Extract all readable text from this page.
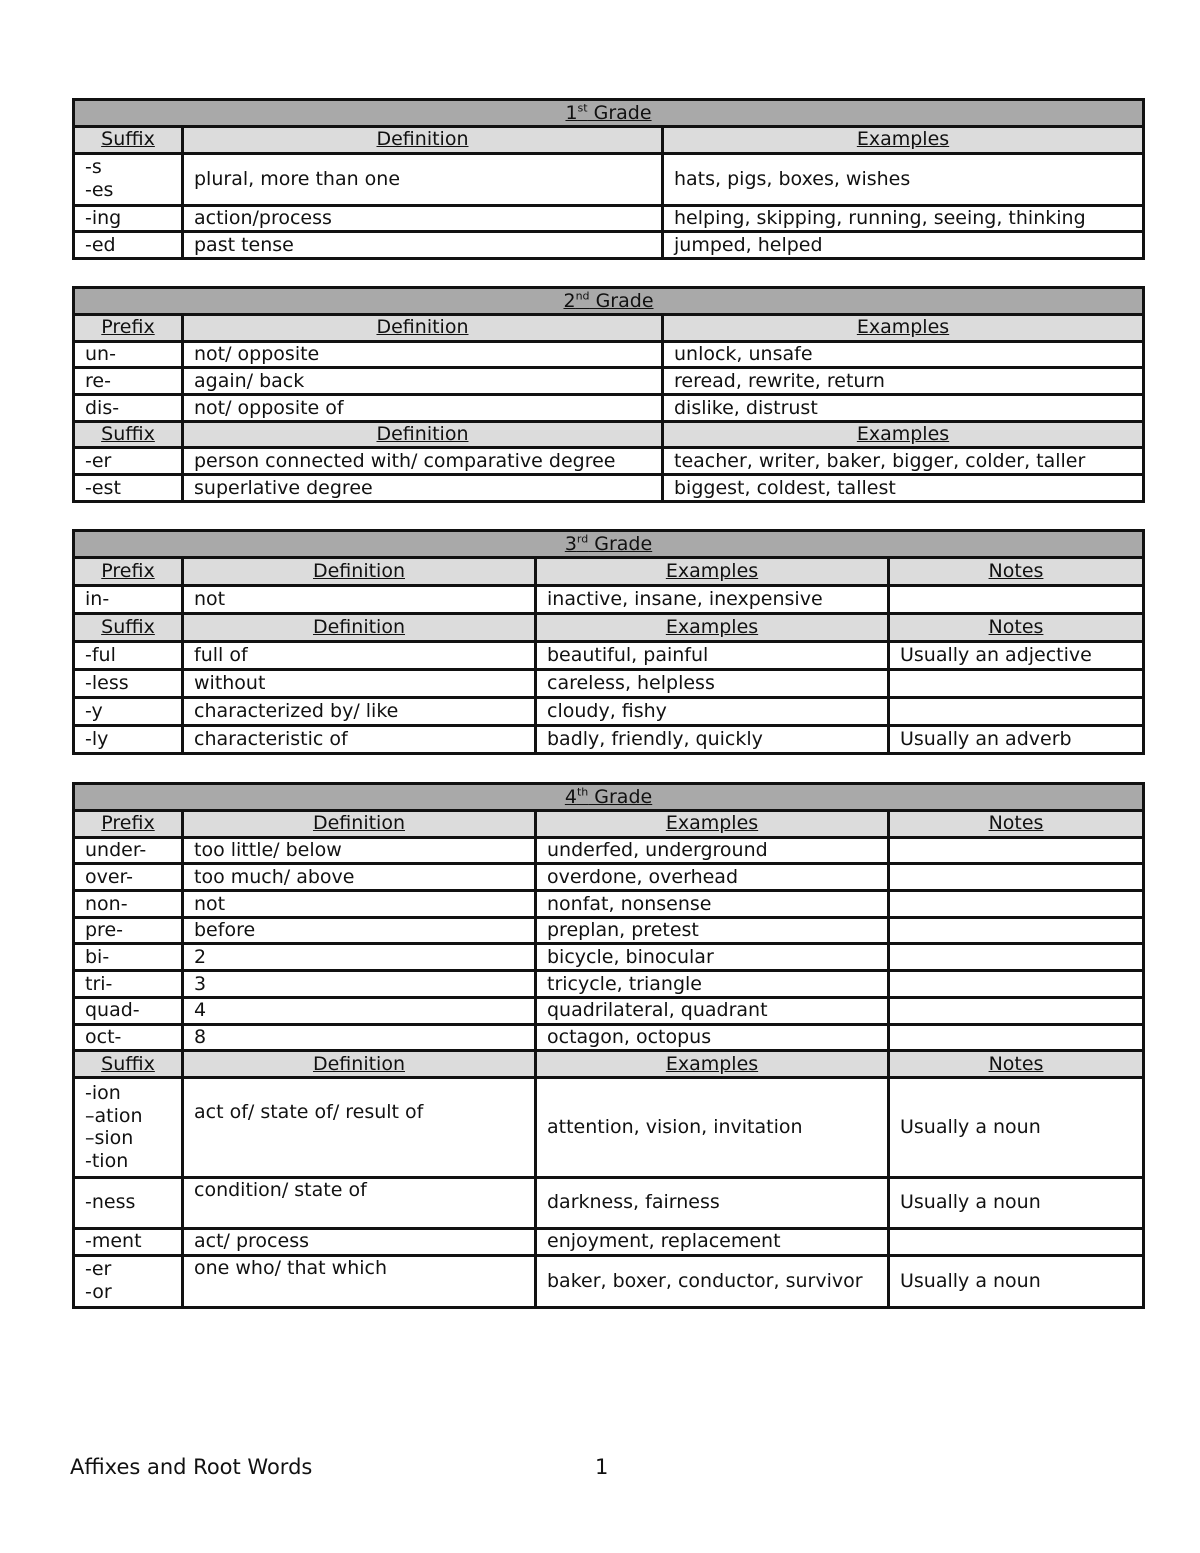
1st Grade		
Suffix	Definition	Examples

-s
-es	plural, more than one	hats, pigs, boxes, wishes
-ing	action/process	helping, skipping, running, seeing, thinking
-ed	past tense	jumped, helped
2nd Grade		
Prefix	Definition	Examples
un-	not/ opposite	unlock, unsafe
re-	again/ back	reread, rewrite, return
dis-	not/ opposite of	dislike, distrust
Suffix	Definition	Examples
-er	person connected with/ comparative degree	teacher, writer, baker, bigger, colder, taller
-est	superlative degree	biggest, coldest, tallest
3rd Grade			
Prefix	Definition	Examples	Notes
in-	not	inactive, insane, inexpensive	
Suffix	Definition	Examples	Notes
-ful	full of	beautiful, painful	Usually an adjective
-less	without	careless, helpless	
-y	characterized by/ like	cloudy, fishy	
-ly	characteristic of	badly, friendly, quickly	Usually an adverb
4th Grade			
Prefix	Definition	Examples	Notes
under-	too little/ below	underfed, underground	
over-	too much/ above	overdone, overhead	
non-	not	nonfat, nonsense	
pre-	before	preplan, pretest	
bi-	2	bicycle, binocular	
tri-	3	tricycle, triangle	
quad-	4	quadrilateral, quadrant	
oct-	8	octagon, octopus	
Suffix	Definition	Examples	Notes

-ion
–ation
–sion
-tion	act of/ state of/ result of	attention, vision, invitation	Usually a noun
-ness	condition/ state of	darkness, fairness	Usually a noun
-ment	act/ process	enjoyment, replacement	

-er
-or	one who/ that which	baker, boxer, conductor, survivor	Usually a noun
Affixes and Root Words	1
